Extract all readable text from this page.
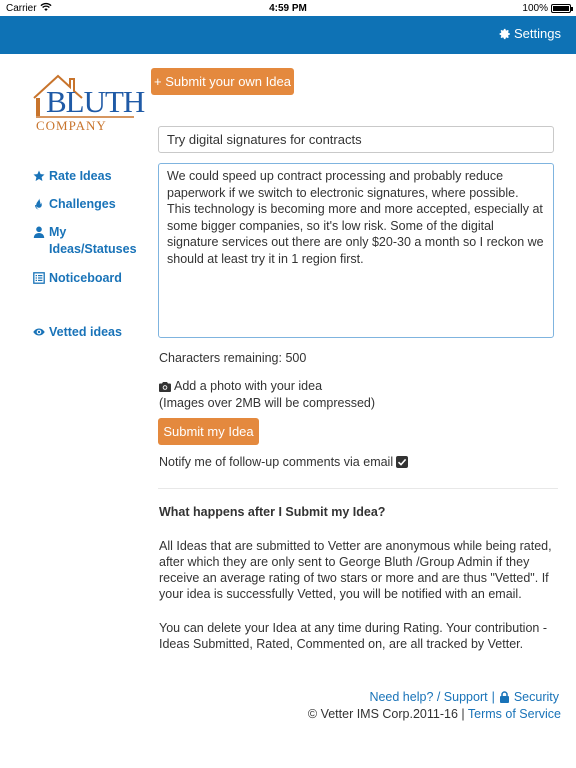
Carrier	4:59 PM	100%
Settings
BLUTH
COMPANY
Rate Ideas
Challenges
My Ideas/Statuses
Noticeboard
Vetted ideas
+ Submit your own Idea
Try digital signatures for contracts
We could speed up contract processing and probably reduce paperwork if we switch to electronic signatures, where possible. This technology is becoming more and more accepted, especially at some bigger companies, so it's low risk. Some of the digital signature services out there are only $20-30 a month so I reckon we should at least try it in 1 region first.
Characters remaining: 500
Add a photo with your idea
(Images over 2MB will be compressed)
Submit my Idea
Notify me of follow-up comments via email
What happens after I Submit my Idea?
All Ideas that are submitted to Vetter are anonymous while being rated, after which they are only sent to George Bluth /Group Admin if they receive an average rating of two stars or more and are thus "Vetted". If your idea is successfully Vetted, you will be notified with an email.
You can delete your Idea at any time during Rating. Your contribution - Ideas Submitted, Rated, Commented on, are all tracked by Vetter.
Need help? / Support | Security
© Vetter IMS Corp.2011-16 | Terms of Service
